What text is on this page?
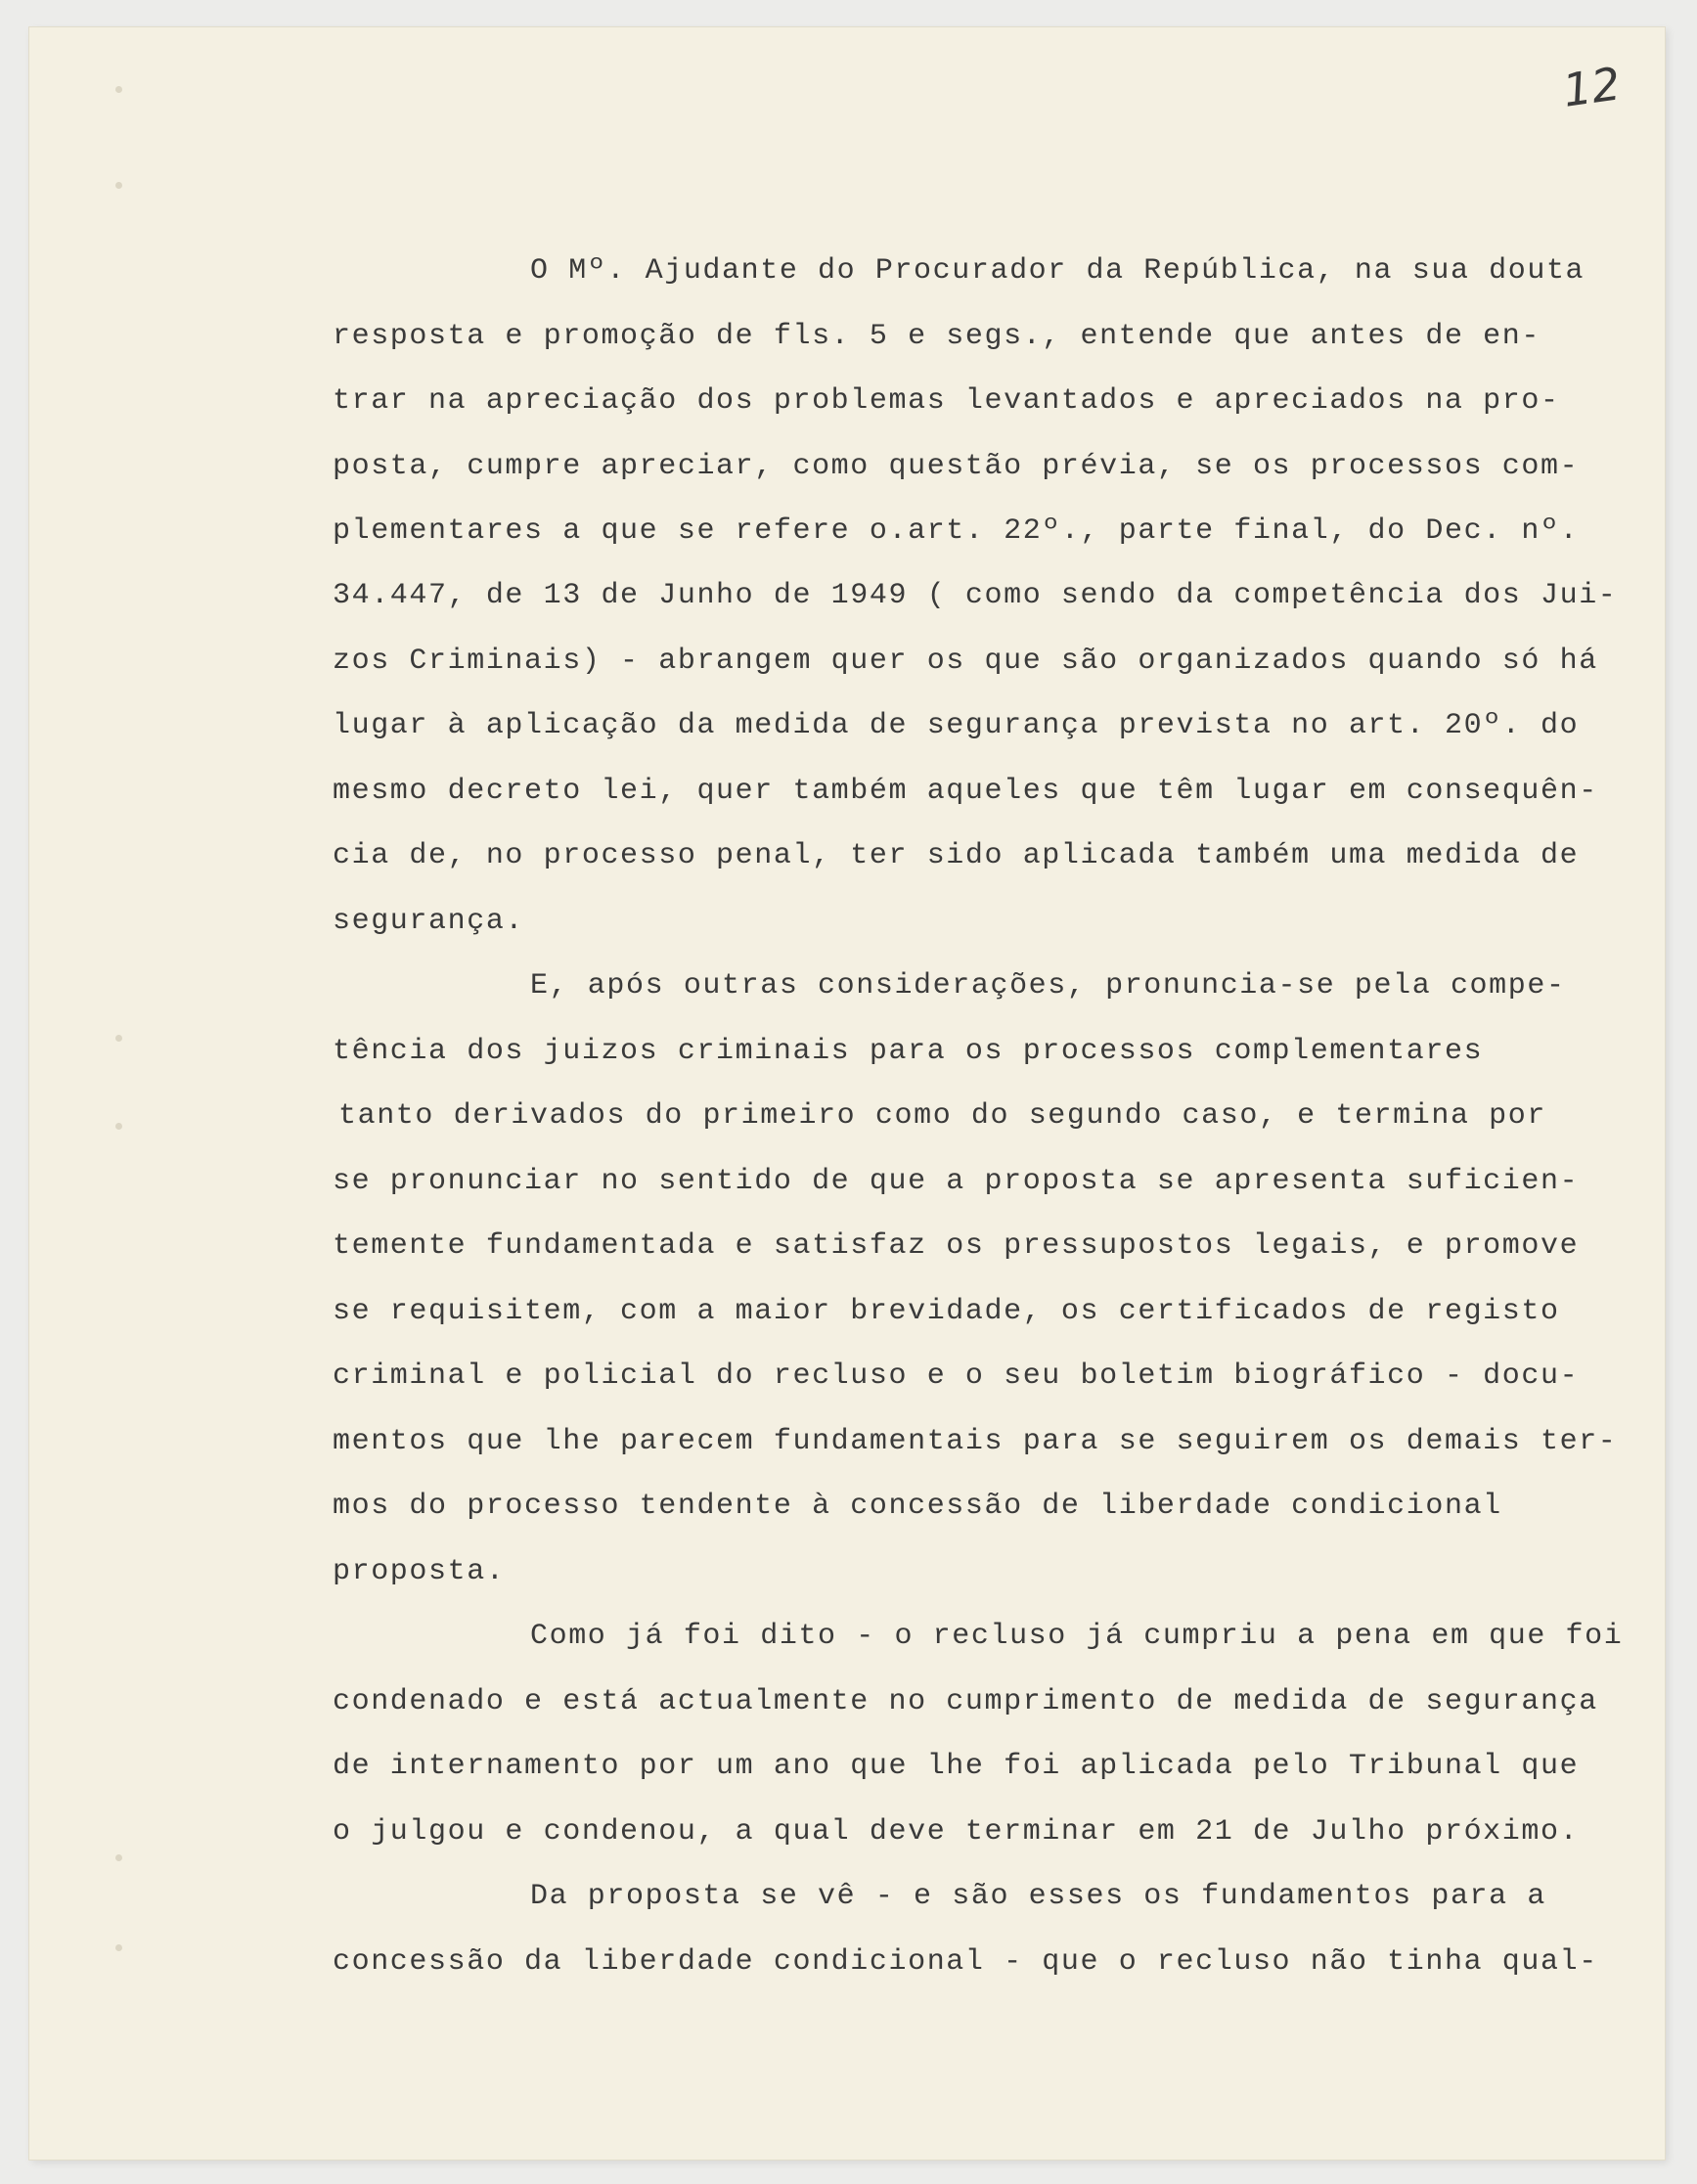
12

O Mº. Ajudante do Procurador da República, na sua douta

resposta e promoção de fls. 5 e segs., entende que antes de en-

trar na apreciação dos problemas levantados e apreciados na pro-

posta, cumpre apreciar, como questão prévia, se os processos com-

plementares a que se refere o.art. 22º., parte final, do Dec. nº.

34.447, de 13 de Junho de 1949 ( como sendo da competência dos Jui-

zos Criminais) - abrangem quer os que são organizados quando só há

lugar à aplicação da medida de segurança prevista no art. 20º. do

mesmo decreto lei, quer também aqueles que têm lugar em consequên-

cia de, no processo penal, ter sido aplicada também uma medida de

segurança.

E, após outras considerações, pronuncia-se pela compe-

tência dos juizos criminais para os processos complementares

tanto derivados do primeiro como do segundo caso, e termina por

se pronunciar no sentido de que a proposta se apresenta suficien-

temente fundamentada e satisfaz os pressupostos legais, e promove

se requisitem, com a maior brevidade, os certificados de registo

criminal e policial do recluso e o seu boletim biográfico - docu-

mentos que lhe parecem fundamentais para se seguirem os demais ter-

mos do processo tendente à concessão de liberdade condicional

proposta.

Como já foi dito - o recluso já cumpriu a pena em que foi

condenado e está actualmente no cumprimento de medida de segurança

de internamento por um ano que lhe foi aplicada pelo Tribunal que

o julgou e condenou, a qual deve terminar em 21 de Julho próximo.

Da proposta se vê - e são esses os fundamentos para a

concessão da liberdade condicional - que o recluso não tinha qual-
